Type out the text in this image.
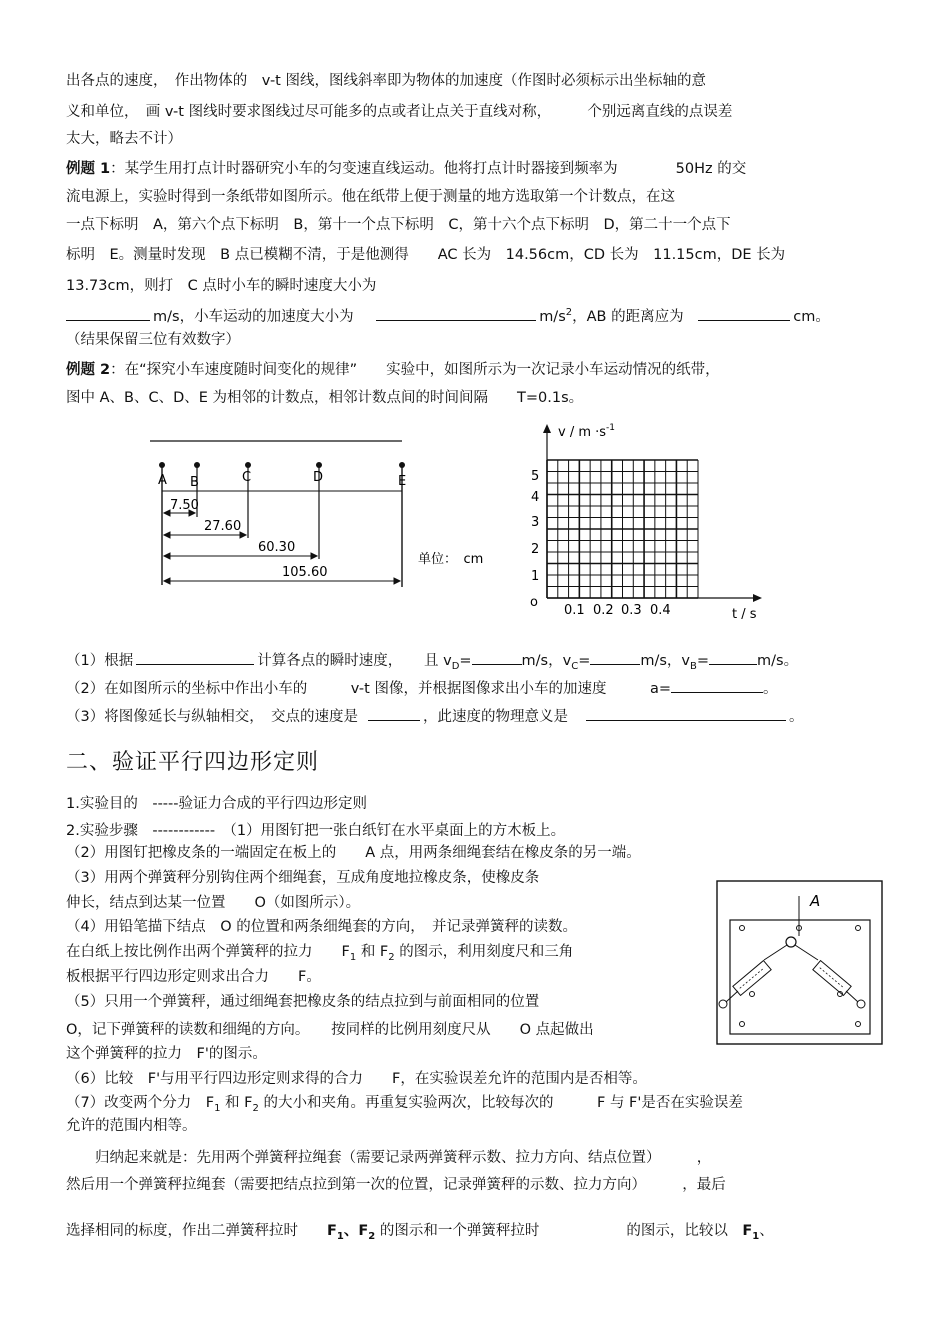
出各点的速度，　作出物体的　v-t 图线，图线斜率即为物体的加速度（作图时必须标示出坐标轴的意
义和单位，　画 v-t 图线时要求图线过尽可能多的点或者让点关于直线对称，　　　个别远离直线的点误差
太大，略去不计）
例题 1：某学生用打点计时器研究小车的匀变速直线运动。他将打点计时器接到频率为　　　　50Hz 的交
流电源上，实验时得到一条纸带如图所示。他在纸带上便于测量的地方选取第一个计数点，在这
一点下标明　A，第六个点下标明　B，第十一个点下标明　C，第十六个点下标明　D，第二十一个点下
标明　E。测量时发现　B 点已模糊不清，于是他测得　　AC 长为　14.56cm，CD 长为　11.15cm，DE 长为
13.73cm，则打　C 点时小车的瞬时速度大小为
m/s，小车运动的加速度大小为	$m/s^2$，AB 的距离应为	cm。
（结果保留三位有效数字）
例题 2：在“探究小车速度随时间变化的规律”　　实验中，如图所示为一次记录小车运动情况的纸带，
图中 A、B、C、D、E 为相邻的计数点，相邻计数点间的时间间隔　　T=0.1s。
A B	C	D	E
7.50
27.60
60.30
105.60
单位：　cm
$v / m \cdot s^{-1}$
t / s
o
1
2
3
4
5
0.1 0.2 0.3 0.4
（1）根据	计算各点的瞬时速度，　　且 $v_D=$	m/s，$v_C=$	m/s，$v_B=$	m/s。
（2）在如图所示的坐标中作出小车的　　　v-t 图像，并根据图像求出小车的加速度　　　a=	。
（3）将图像延长与纵轴相交，　交点的速度是	，此速度的物理意义是	。
二、验证平行四边形定则
1.实验目的　-----验证力合成的平行四边形定则
2.实验步骤　------------　（1）用图钉把一张白纸钉在水平桌面上的方木板上。
（2）用图钉把橡皮条的一端固定在板上的　　A 点，用两条细绳套结在橡皮条的另一端。
（3）用两个弹簧秤分别钩住两个细绳套，互成角度地拉橡皮条，使橡皮条
伸长，结点到达某一位置　　O（如图所示）。
（4）用铅笔描下结点　O 的位置和两条细绳套的方向，　并记录弹簧秤的读数。
在白纸上按比例作出两个弹簧秤的拉力　　$F_1$ 和 $F_2$ 的图示，利用刻度尺和三角
板根据平行四边形定则求出合力　　F。
（5）只用一个弹簧秤，通过细绳套把橡皮条的结点拉到与前面相同的位置
O，记下弹簧秤的读数和细绳的方向。　　按同样的比例用刻度尺从　　O 点起做出
这个弹簧秤的拉力　F'的图示。
（6）比较　F'与用平行四边形定则求得的合力　　F，在实验误差允许的范围内是否相等。
（7）改变两个分力　$F_1$ 和 $F_2$ 的大小和夹角。再重复实验两次，比较每次的　　　F 与 F'是否在实验误差
允许的范围内相等。
　　归纳起来就是：先用两个弹簧秤拉绳套（需要记录两弹簧秤示数、拉力方向、结点位置）　　　，
然后用一个弹簧秤拉绳套（需要把结点拉到第一次的位置，记录弹簧秤的示数、拉力方向）　　　，最后
选择相同的标度，作出二弹簧秤拉时　　$F_1$、$F_2$ 的图示和一个弹簧秤拉时　　　　　　的图示，比较以　$F_1$、
A
